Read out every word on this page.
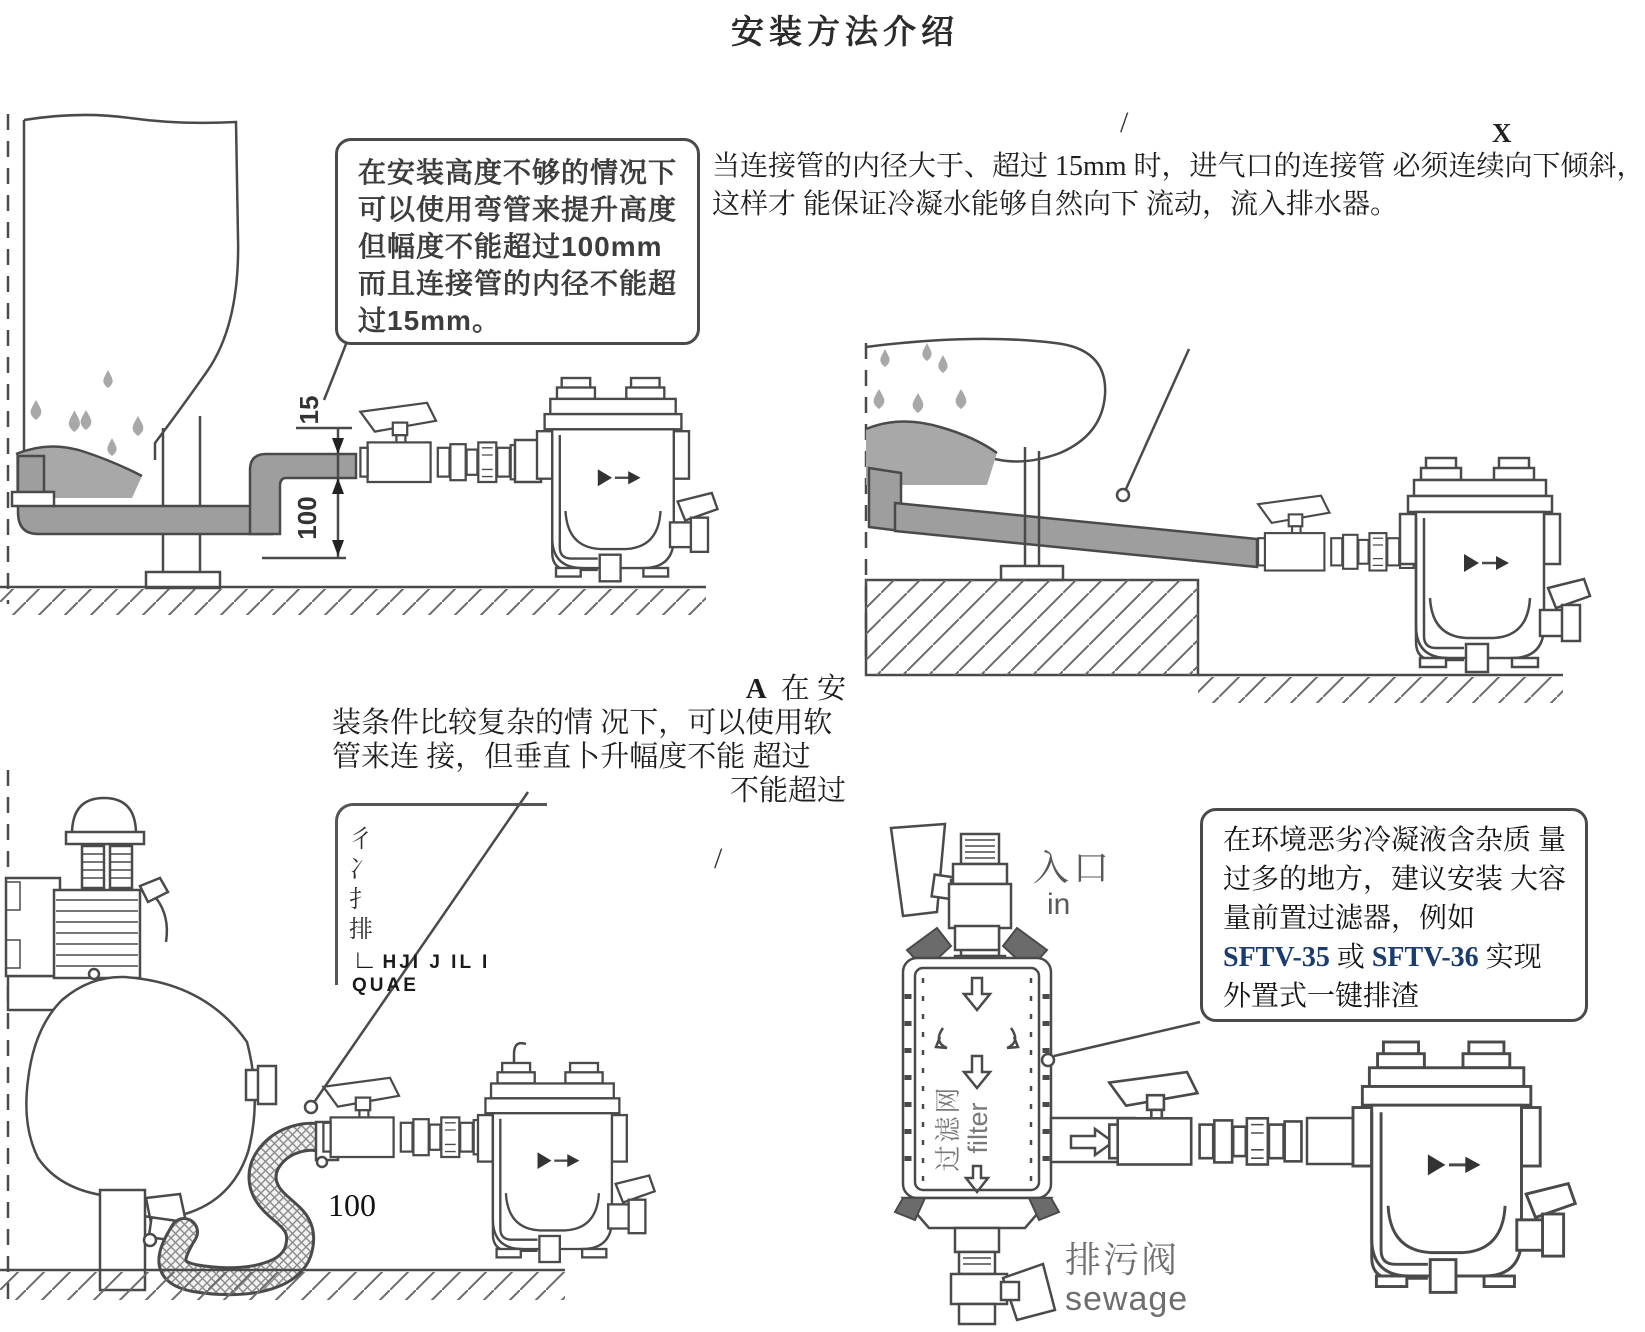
15
100
100
入口
in
过滤网 filter
排污阀
sewage
安装方法介绍
在安装高度不够的情况下
可以使用弯管来提升高度
但幅度不能超过100mm
而且连接管的内径不能超
过15mm。
/	X
当连接管的内径大于、超过 15mm 时，进气口的连接管 必须连续向下倾斜，
这样才 能保证冷凝水能够自然向下 流动，流入排水器。
A 在 安
装条件比较复杂的情 况下，可以使用软
管来连 接，但垂直卜升幅度不能 超过
不能超过
/
彳
冫
扌
排
∟ HJI J IL I QUAE
在环境恶劣冷凝液含杂质 量
过多的地方，建议安装 大容
量前置过滤器，例如
SFTV-35 或 SFTV-36 实现
外置式一键排渣
